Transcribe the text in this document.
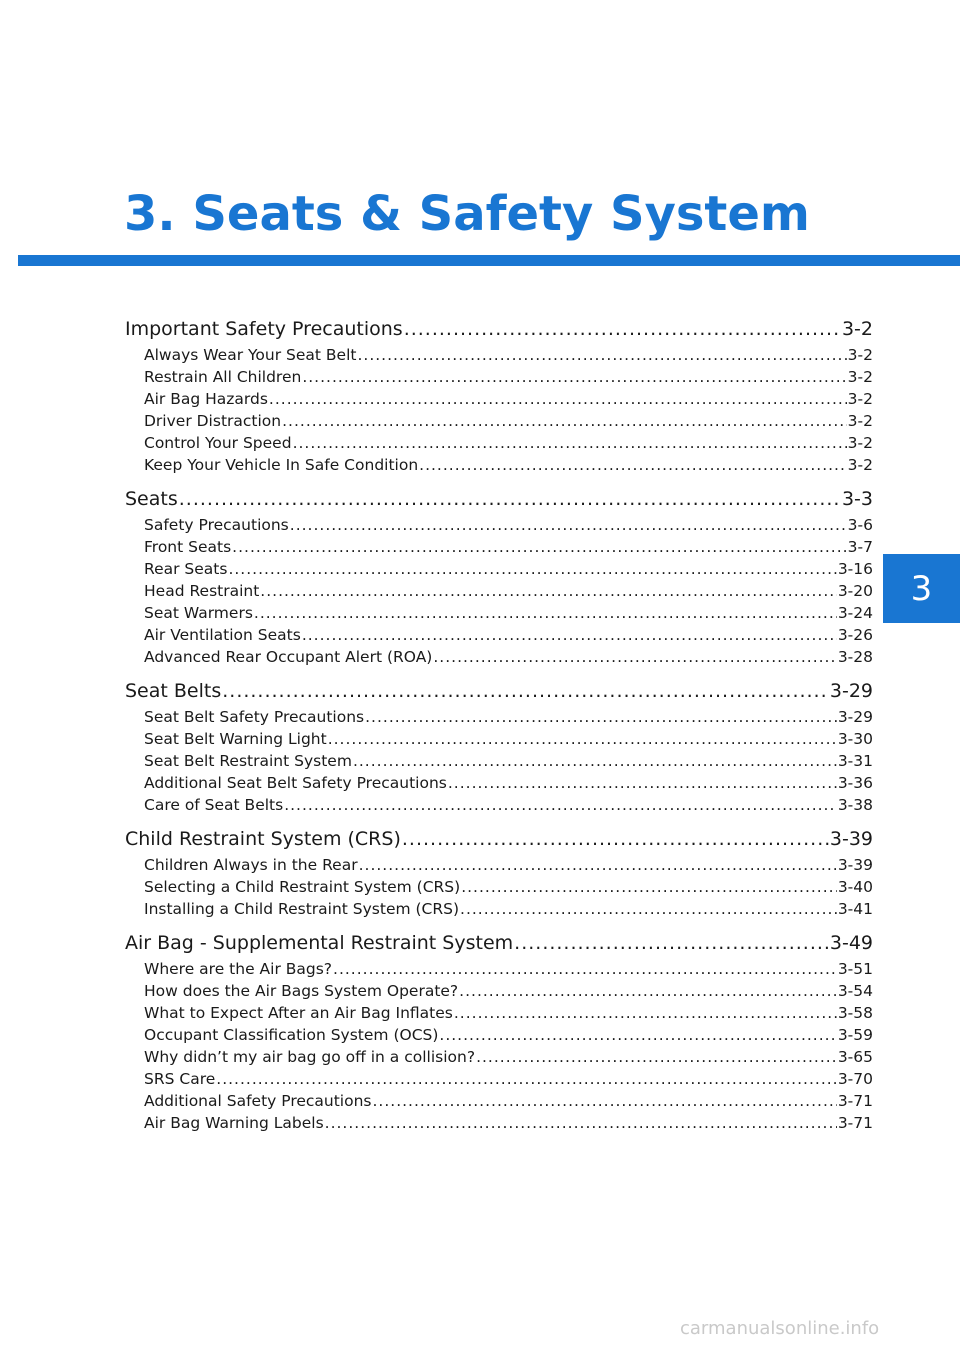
3. Seats & Safety System
3
Important Safety Precautions .....	3-2
Always Wear Your Seat Belt .....	3-2
Restrain All Children .....	3-2
Air Bag Hazards .....	3-2
Driver Distraction .....	3-2
Control Your Speed .....	3-2
Keep Your Vehicle In Safe Condition .....	3-2
Seats .....	3-3
Safety Precautions .....	3-6
Front Seats .....	3-7
Rear Seats .....	3-16
Head Restraint .....	3-20
Seat Warmers .....	3-24
Air Ventilation Seats .....	3-26
Advanced Rear Occupant Alert (ROA) .....	3-28
Seat Belts .....	3-29
Seat Belt Safety Precautions .....	3-29
Seat Belt Warning Light .....	3-30
Seat Belt Restraint System .....	3-31
Additional Seat Belt Safety Precautions .....	3-36
Care of Seat Belts .....	3-38
Child Restraint System (CRS) .....	3-39
Children Always in the Rear .....	3-39
Selecting a Child Restraint System (CRS) .....	3-40
Installing a Child Restraint System (CRS) .....	3-41
Air Bag - Supplemental Restraint System .....	3-49
Where are the Air Bags? .....	3-51
How does the Air Bags System Operate? .....	3-54
What to Expect After an Air Bag Inflates .....	3-58
Occupant Classification System (OCS) .....	3-59
Why didn’t my air bag go off in a collision? .....	3-65
SRS Care .....	3-70
Additional Safety Precautions .....	3-71
Air Bag Warning Labels .....	3-71
carmanualsonline.info
